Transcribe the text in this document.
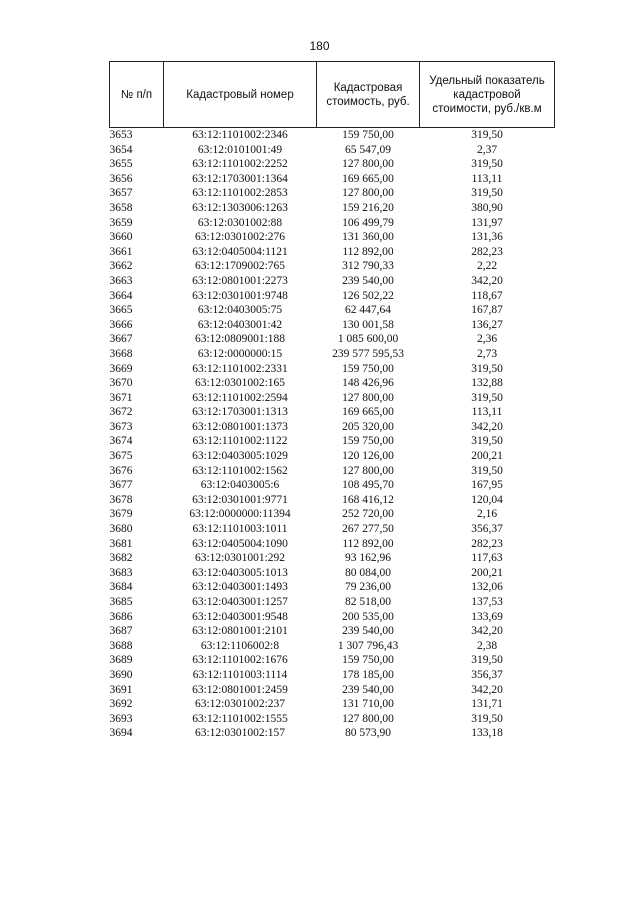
180
№ п/п	Кадастровый номер	Кадастровая стоимость, руб.	Удельный показатель кадастровой стоимости, руб./кв.м
3653	63:12:1101002:2346	159 750,00	319,50
3654	63:12:0101001:49	65 547,09	2,37
3655	63:12:1101002:2252	127 800,00	319,50
3656	63:12:1703001:1364	169 665,00	113,11
3657	63:12:1101002:2853	127 800,00	319,50
3658	63:12:1303006:1263	159 216,20	380,90
3659	63:12:0301002:88	106 499,79	131,97
3660	63:12:0301002:276	131 360,00	131,36
3661	63:12:0405004:1121	112 892,00	282,23
3662	63:12:1709002:765	312 790,33	2,22
3663	63:12:0801001:2273	239 540,00	342,20
3664	63:12:0301001:9748	126 502,22	118,67
3665	63:12:0403005:75	62 447,64	167,87
3666	63:12:0403001:42	130 001,58	136,27
3667	63:12:0809001:188	1 085 600,00	2,36
3668	63:12:0000000:15	239 577 595,53	2,73
3669	63:12:1101002:2331	159 750,00	319,50
3670	63:12:0301002:165	148 426,96	132,88
3671	63:12:1101002:2594	127 800,00	319,50
3672	63:12:1703001:1313	169 665,00	113,11
3673	63:12:0801001:1373	205 320,00	342,20
3674	63:12:1101002:1122	159 750,00	319,50
3675	63:12:0403005:1029	120 126,00	200,21
3676	63:12:1101002:1562	127 800,00	319,50
3677	63:12:0403005:6	108 495,70	167,95
3678	63:12:0301001:9771	168 416,12	120,04
3679	63:12:0000000:11394	252 720,00	2,16
3680	63:12:1101003:1011	267 277,50	356,37
3681	63:12:0405004:1090	112 892,00	282,23
3682	63:12:0301001:292	93 162,96	117,63
3683	63:12:0403005:1013	80 084,00	200,21
3684	63:12:0403001:1493	79 236,00	132,06
3685	63:12:0403001:1257	82 518,00	137,53
3686	63:12:0403001:9548	200 535,00	133,69
3687	63:12:0801001:2101	239 540,00	342,20
3688	63:12:1106002:8	1 307 796,43	2,38
3689	63:12:1101002:1676	159 750,00	319,50
3690	63:12:1101003:1114	178 185,00	356,37
3691	63:12:0801001:2459	239 540,00	342,20
3692	63:12:0301002:237	131 710,00	131,71
3693	63:12:1101002:1555	127 800,00	319,50
3694	63:12:0301002:157	80 573,90	133,18
